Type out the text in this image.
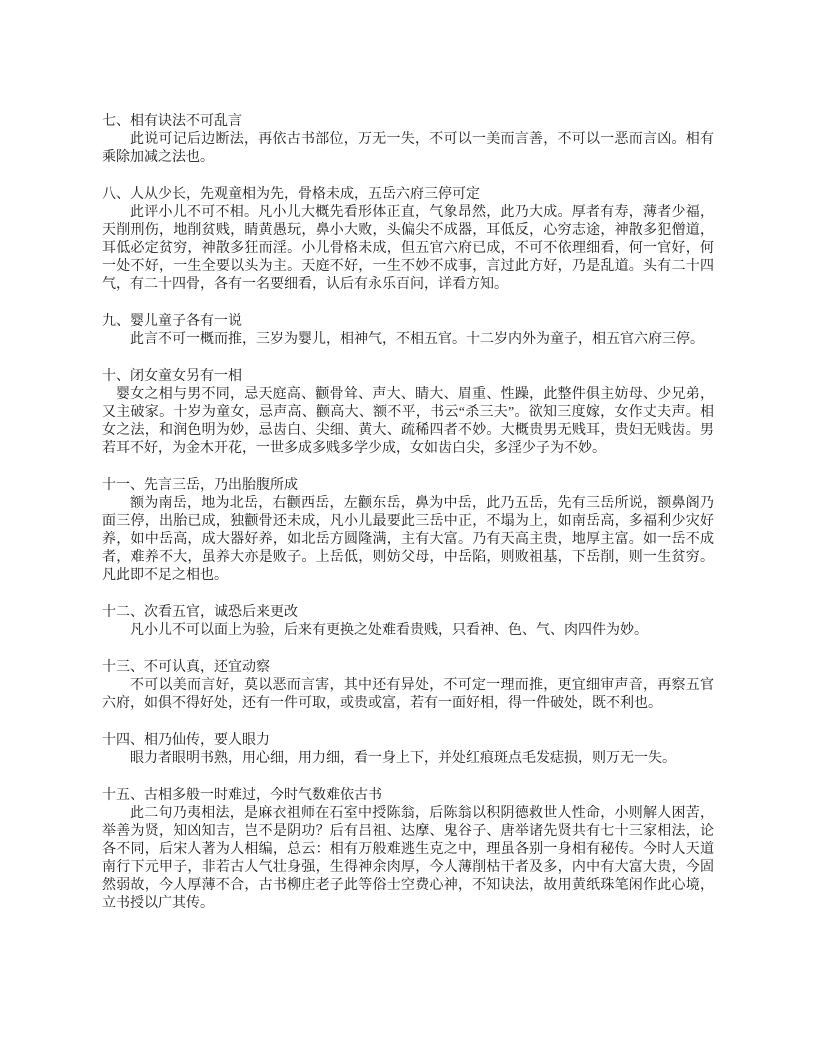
七、相有诀法不可乱言

此说可记后边断法，再依古书部位，万无一失，不可以一美而言善，不可以一恶而言凶。相有乘除加减之法也。

八、人从少长，先观童相为先，骨格未成，五岳六府三停可定

此评小儿不可不相。凡小儿大概先看形体正直，气象昂然，此乃大成。厚者有寿，薄者少福，天削刑伤，地削贫贱，睛黄愚玩，鼻小大败，头偏尖不成器，耳低反，心穷志途，神散多犯僧道，耳低必定贫穷，神散多狂而淫。小儿骨格未成，但五官六府已成，不可不依理细看，何一官好，何一处不好，一生全要以头为主。天庭不好，一生不妙不成事，言过此方好，乃是乱道。头有二十四气，有二十四骨，各有一名要细看，认后有永乐百问，详看方知。

九、婴儿童子各有一说

此言不可一概而推，三岁为婴儿，相神气，不相五官。十二岁内外为童子，相五官六府三停。

十、闭女童女另有一相

婴女之相与男不同，忌天庭高、颧骨耸、声大、睛大、眉重、性躁，此整件俱主妨母、少兄弟，又主破家。十岁为童女，忌声高、颧高大、额不平，书云“杀三夫”。欲知三度嫁，女作丈夫声。相女之法，和润色明为妙，忌齿白、尖细、黄大、疏稀四者不妙。大概贵男无贱耳，贵妇无贱齿。男若耳不好，为金木开花，一世多成多贱多学少成，女如齿白尖，多淫少子为不妙。

十一、先言三岳，乃出胎腹所成

额为南岳，地为北岳，右颧西岳，左颧东岳，鼻为中岳，此乃五岳，先有三岳所说，额鼻阁乃面三停，出胎已成，独颧骨还未成，凡小儿最要此三岳中正，不塌为上，如南岳高，多福利少灾好养，如中岳高，成大器好养，如北岳方圆隆满，主有大富。乃有天高主贵，地厚主富。如一岳不成者，难养不大，虽养大亦是败子。上岳低，则妨父母，中岳陷，则败祖基，下岳削，则一生贫穷。凡此即不足之相也。

十二、次看五官，诚恐后来更改

凡小儿不可以面上为验，后来有更换之处难看贵贱，只看神、色、气、肉四件为妙。

十三、不可认真，还宜动察

不可以美而言好，莫以恶而言害，其中还有异处，不可定一理而推，更宜细审声音，再察五官六府，如俱不得好处，还有一件可取，或贵或富，若有一面好相，得一件破处，既不利也。

十四、相乃仙传，要人眼力

眼力者眼明书熟，用心细，用力细，看一身上下，并处红痕斑点毛发痣损，则万无一失。

十五、古相多般一时难过，今时气数难依古书

此二句乃夷相法，是麻衣祖师在石室中授陈翁，后陈翁以积阴德救世人性命，小则解人困苦，举善为贤，知凶知吉，岂不是阴功？后有吕祖、达摩、鬼谷子、唐举诸先贤共有七十三家相法，论各不同，后宋人著为人相编，总云：相有万般难逃生克之中，理虽各别一身相有秘传。今时人天道南行下元甲子，非若古人气壮身强，生得神余肉厚，今人薄削枯干者及多，内中有大富大贵，今固然弱故，今人厚薄不合，古书柳庄老子此等俗士空费心神，不知诀法，故用黄纸珠笔闲作此心境，立书授以广其传。
